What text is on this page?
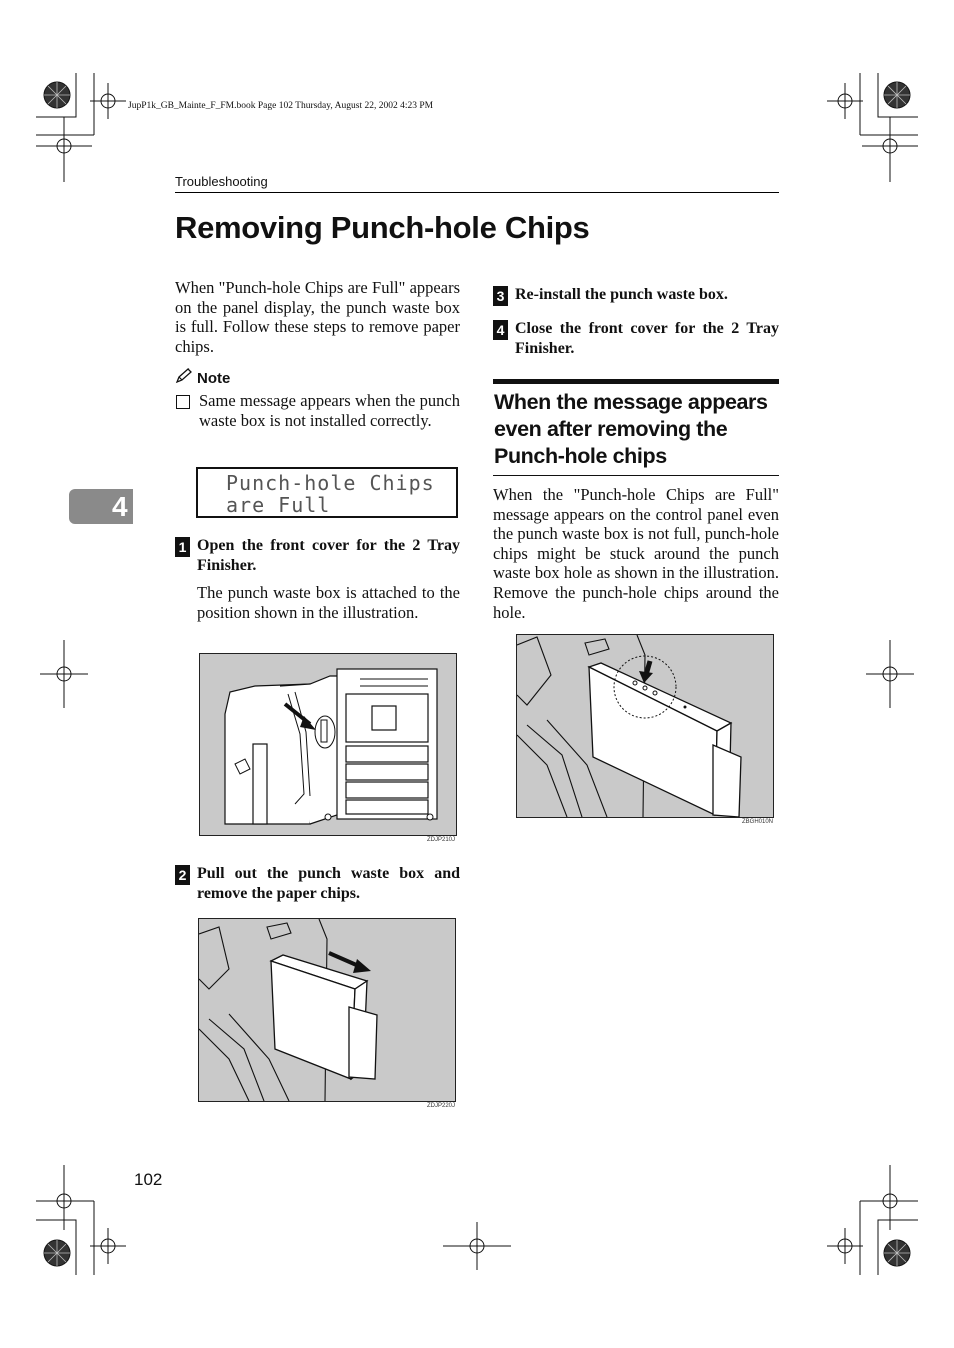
JupP1k_GB_Mainte_F_FM.book Page 102 Thursday, August 22, 2002 4:23 PM
Troubleshooting
Removing Punch-hole Chips
When "Punch-hole Chips are Full" appears on the panel display, the punch waste box is full. Follow these steps to remove paper chips.
Note
Same message appears when the punch waste box is not installed correctly.
Punch-hole Chips
are Full
1 Open the front cover for the 2 Tray Finisher.
The punch waste box is attached to the position shown in the illustration.
ZDJP210J
2 Pull out the punch waste box and remove the paper chips.
ZDJP220J
3 Re-install the punch waste box.
4 Close the front cover for the 2 Tray Finisher.
When the message appears even after removing the Punch-hole chips
When the "Punch-hole Chips are Full" message appears on the control panel even the punch waste box is not full, punch-hole chips might be stuck around the punch waste box hole as shown in the illustration. Remove the punch-hole chips around the hole.
ZBGH010N
4
102
